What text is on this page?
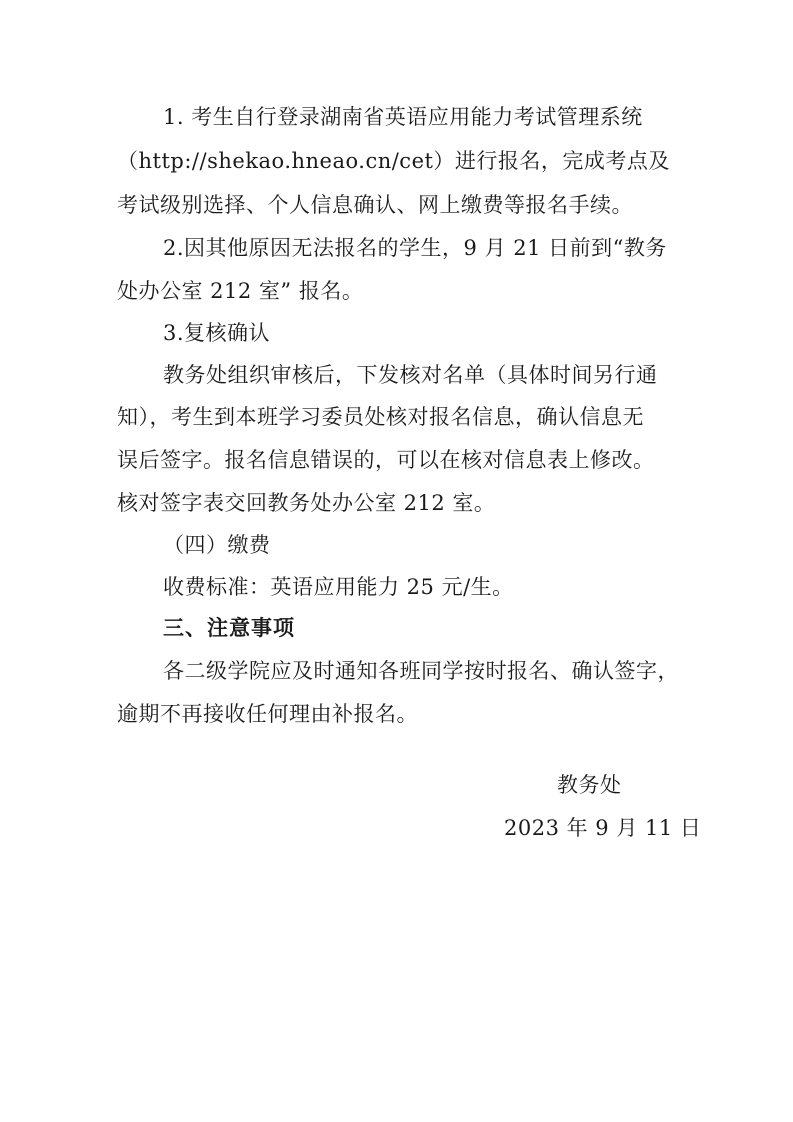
1. 考生自行登录湖南省英语应用能力考试管理系统
（http://shekao.hneao.cn/cet）进行报名，完成考点及
考试级别选择、个人信息确认、网上缴费等报名手续。
2.因其他原因无法报名的学生，9 月 21 日前到“教务
处办公室 212 室” 报名。
3.复核确认
教务处组织审核后，下发核对名单（具体时间另行通
知），考生到本班学习委员处核对报名信息，确认信息无
误后签字。报名信息错误的，可以在核对信息表上修改。
核对签字表交回教务处办公室 212 室。
（四）缴费
收费标准：英语应用能力 25 元/生。
三、注意事项
各二级学院应及时通知各班同学按时报名、确认签字，
逾期不再接收任何理由补报名。
教务处
2023 年 9 月 11 日
